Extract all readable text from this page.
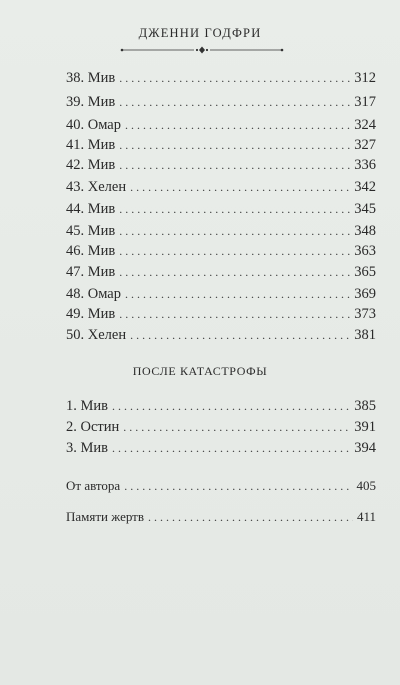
ДЖЕННИ ГОДФРИ
38. Мив .....	312
39. Мив .....	317
40. Омар .....	324
41. Мив .....	327
42. Мив .....	336
43. Хелен .....	342
44. Мив .....	345
45. Мив .....	348
46. Мив .....	363
47. Мив .....	365
48. Омар .....	369
49. Мив .....	373
50. Хелен .....	381
ПОСЛЕ КАТАСТРОФЫ
1. Мив .....	385
2. Остин .....	391
3. Мив .....	394
От автора .....	405
Памяти жертв .....	411
